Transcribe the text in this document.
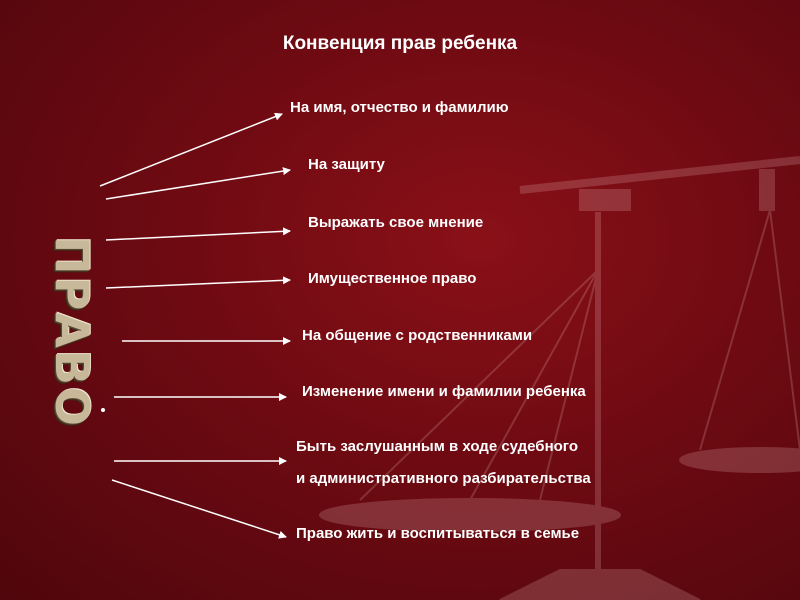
Конвенция прав ребенка
ПРАВО
На имя, отчество и фамилию
На защиту
Выражать свое мнение
Имущественное право
На общение с родственниками
Изменение имени и фамилии ребенка
Быть заслушанным в ходе судебного
и административного разбирательства
Право жить и воспитываться в семье
